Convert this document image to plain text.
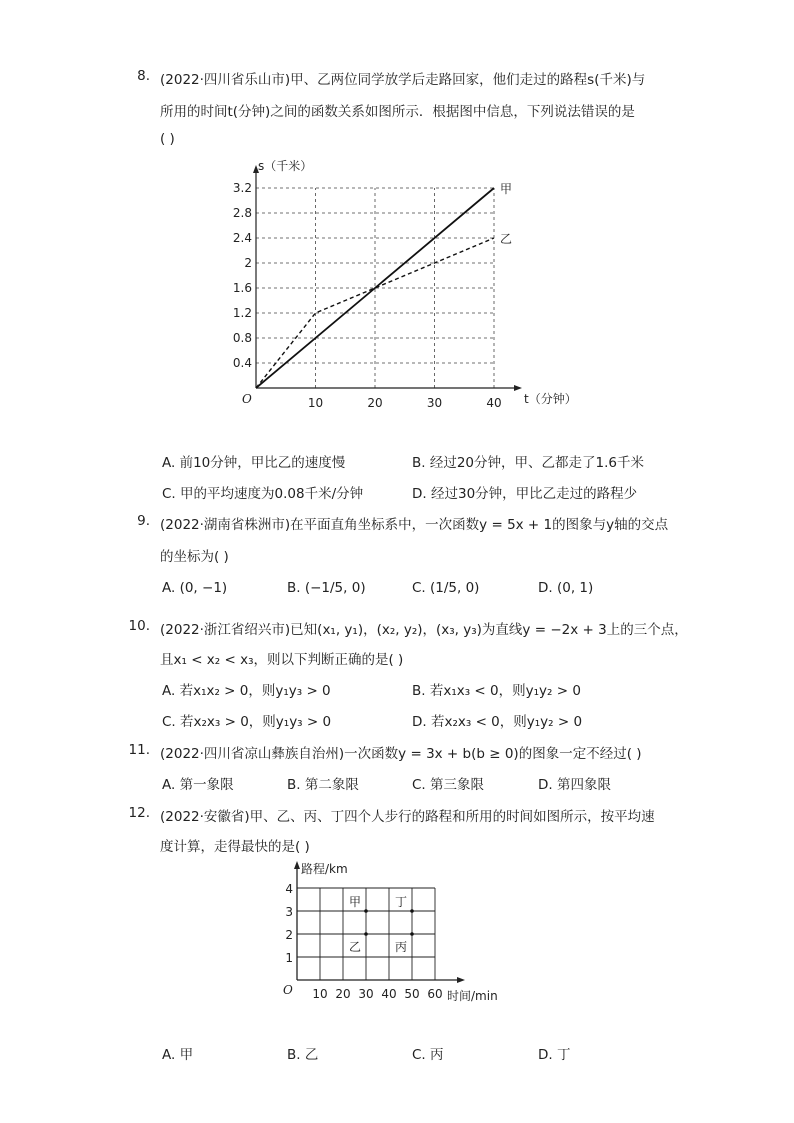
8. (2022·四川省乐山市)甲、乙两位同学放学后走路回家，他们走过的路程s(千米)与
所用的时间t(分钟)之间的函数关系如图所示．根据图中信息，下列说法错误的是
( )
0.4
0.8
1.2
1.6
2
2.4
2.8
3.2
10	20	30	40
O
s（千米）
t（分钟）
甲
乙
A. 前10分钟，甲比乙的速度慢	B. 经过20分钟，甲、乙都走了1.6千米
C. 甲的平均速度为0.08千米/分钟	D. 经过30分钟，甲比乙走过的路程少
9. (2022·湖南省株洲市)在平面直角坐标系中，一次函数y = 5x + 1的图象与y轴的交点
的坐标为( )
A. (0, −1)	B. (−1/5, 0)	C. (1/5, 0)	D. (0, 1)
10. (2022·浙江省绍兴市)已知(x₁, y₁)，(x₂, y₂)，(x₃, y₃)为直线y = −2x + 3上的三个点，
且x₁ < x₂ < x₃，则以下判断正确的是( )
A. 若x₁x₂ > 0，则y₁y₃ > 0	B. 若x₁x₃ < 0，则y₁y₂ > 0
C. 若x₂x₃ > 0，则y₁y₃ > 0	D. 若x₂x₃ < 0，则y₁y₂ > 0
11. (2022·四川省凉山彝族自治州)一次函数y = 3x + b(b ≥ 0)的图象一定不经过( )
A. 第一象限	B. 第二象限	C. 第三象限	D. 第四象限
12. (2022·安徽省)甲、乙、丙、丁四个人步行的路程和所用的时间如图所示，按平均速
度计算，走得最快的是( )
1
2
3
4
10 20 30 40 50 60
O
路程/km
时间/min
甲
乙
丁
丙
A. 甲	B. 乙	C. 丙	D. 丁
